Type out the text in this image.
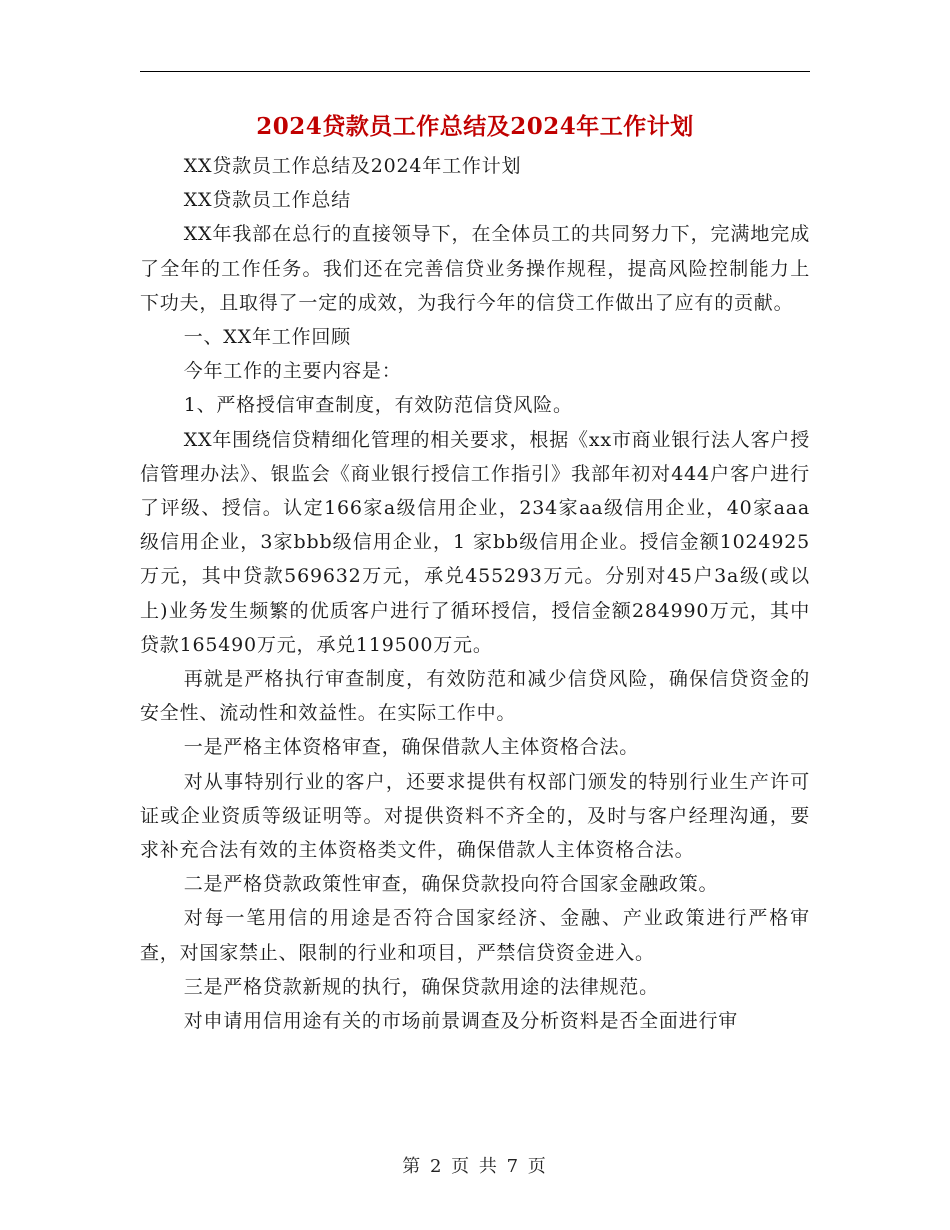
2024贷款员工作总结及2024年工作计划

XX贷款员工作总结及2024年工作计划

XX贷款员工作总结

XX年我部在总行的直接领导下，在全体员工的共同努力下，完满地完成了全年的工作任务。我们还在完善信贷业务操作规程，提高风险控制能力上下功夫，且取得了一定的成效，为我行今年的信贷工作做出了应有的贡献。

一、XX年工作回顾

今年工作的主要内容是：

1、严格授信审查制度，有效防范信贷风险。

XX年围绕信贷精细化管理的相关要求，根据《xx市商业银行法人客户授信管理办法》、银监会《商业银行授信工作指引》我部年初对444户客户进行了评级、授信。认定166家a级信用企业，234家aa级信用企业，40家aaa级信用企业，3家bbb级信用企业，1 家bb级信用企业。授信金额1024925万元，其中贷款569632万元，承兑455293万元。分别对45户3a级(或以上)业务发生频繁的优质客户进行了循环授信，授信金额284990万元，其中贷款165490万元，承兑119500万元。

再就是严格执行审查制度，有效防范和减少信贷风险，确保信贷资金的安全性、流动性和效益性。在实际工作中。

一是严格主体资格审查，确保借款人主体资格合法。

对从事特别行业的客户，还要求提供有权部门颁发的特别行业生产许可证或企业资质等级证明等。对提供资料不齐全的，及时与客户经理沟通，要求补充合法有效的主体资格类文件，确保借款人主体资格合法。

二是严格贷款政策性审查，确保贷款投向符合国家金融政策。

对每一笔用信的用途是否符合国家经济、金融、产业政策进行严格审查，对国家禁止、限制的行业和项目，严禁信贷资金进入。

三是严格贷款新规的执行，确保贷款用途的法律规范。

对申请用信用途有关的市场前景调查及分析资料是否全面进行审

第 2 页 共 7 页
